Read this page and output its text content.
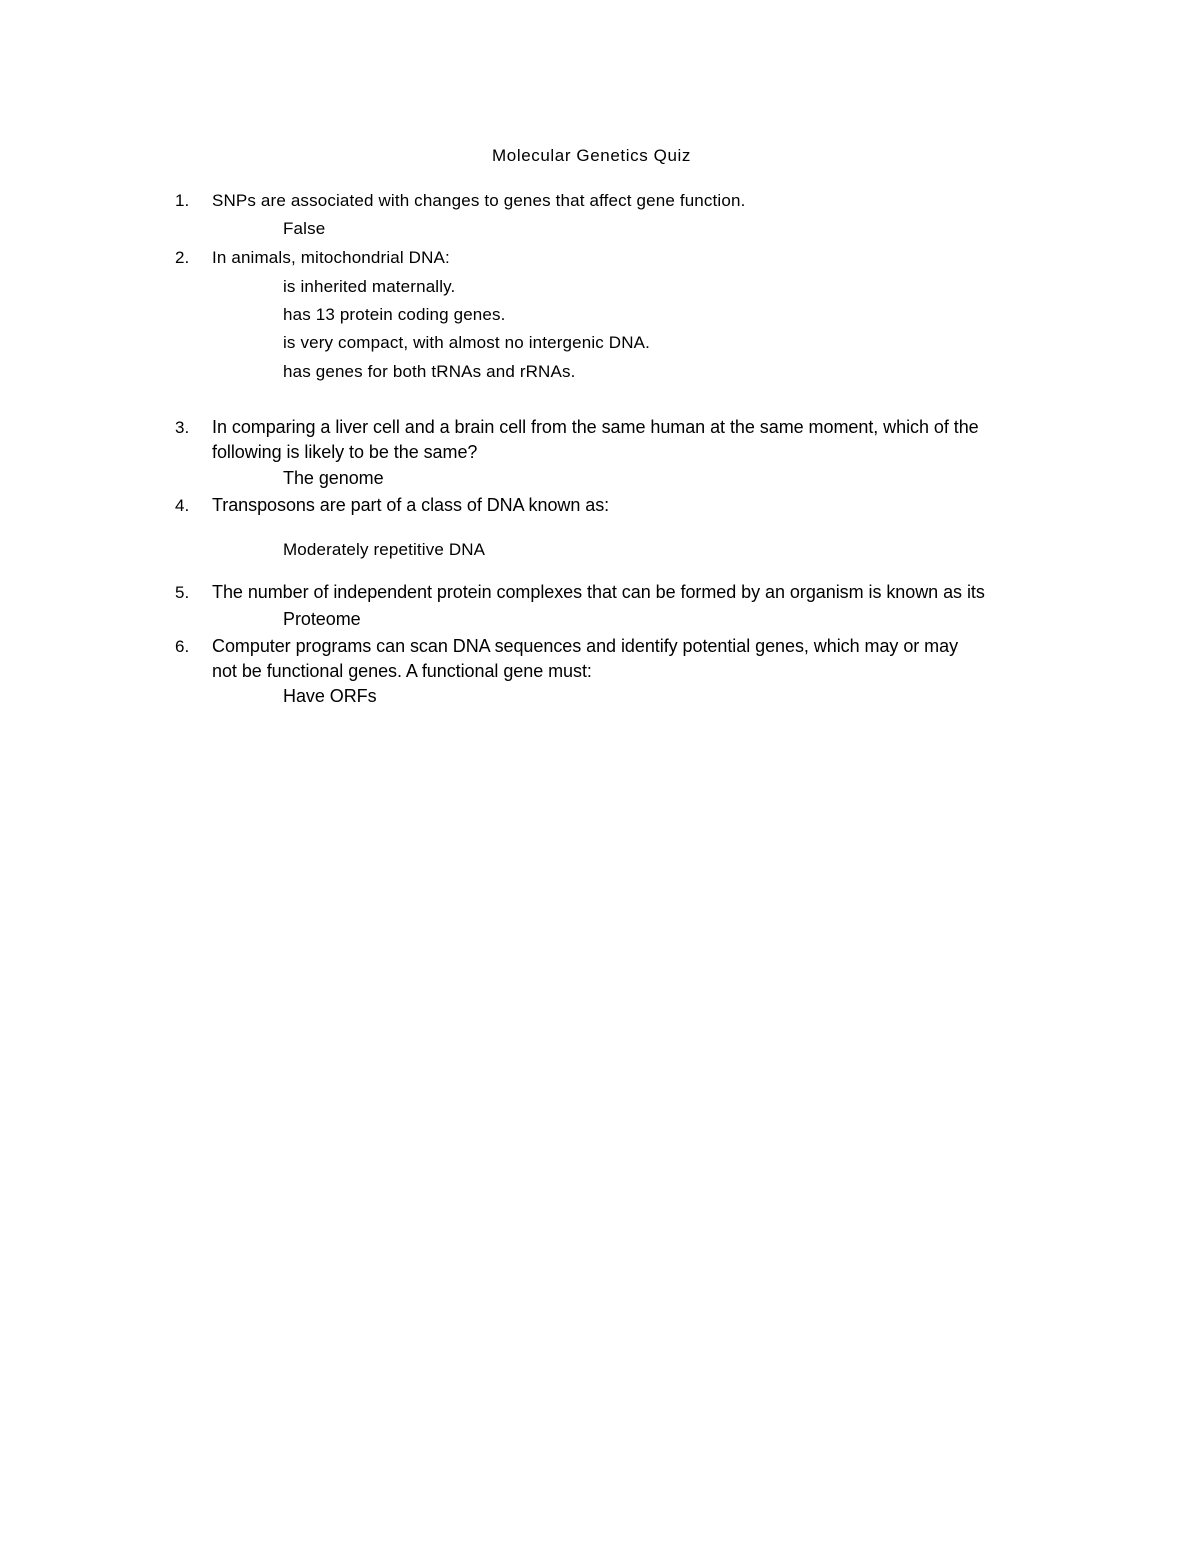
Molecular Genetics Quiz
1. SNPs are associated with changes to genes that affect gene function.
False
2. In animals, mitochondrial DNA:
is inherited maternally.
has 13 protein coding genes.
is very compact, with almost no intergenic DNA.
has genes for both tRNAs and rRNAs.
3. In comparing a liver cell and a brain cell from the same human at the same moment, which of the
following is likely to be the same?
The genome
4. Transposons are part of a class of DNA known as:
Moderately repetitive DNA
5. The number of independent protein complexes that can be formed by an organism is known as its
Proteome
6. Computer programs can scan DNA sequences and identify potential genes, which may or may
not be functional genes. A functional gene must:
Have ORFs
